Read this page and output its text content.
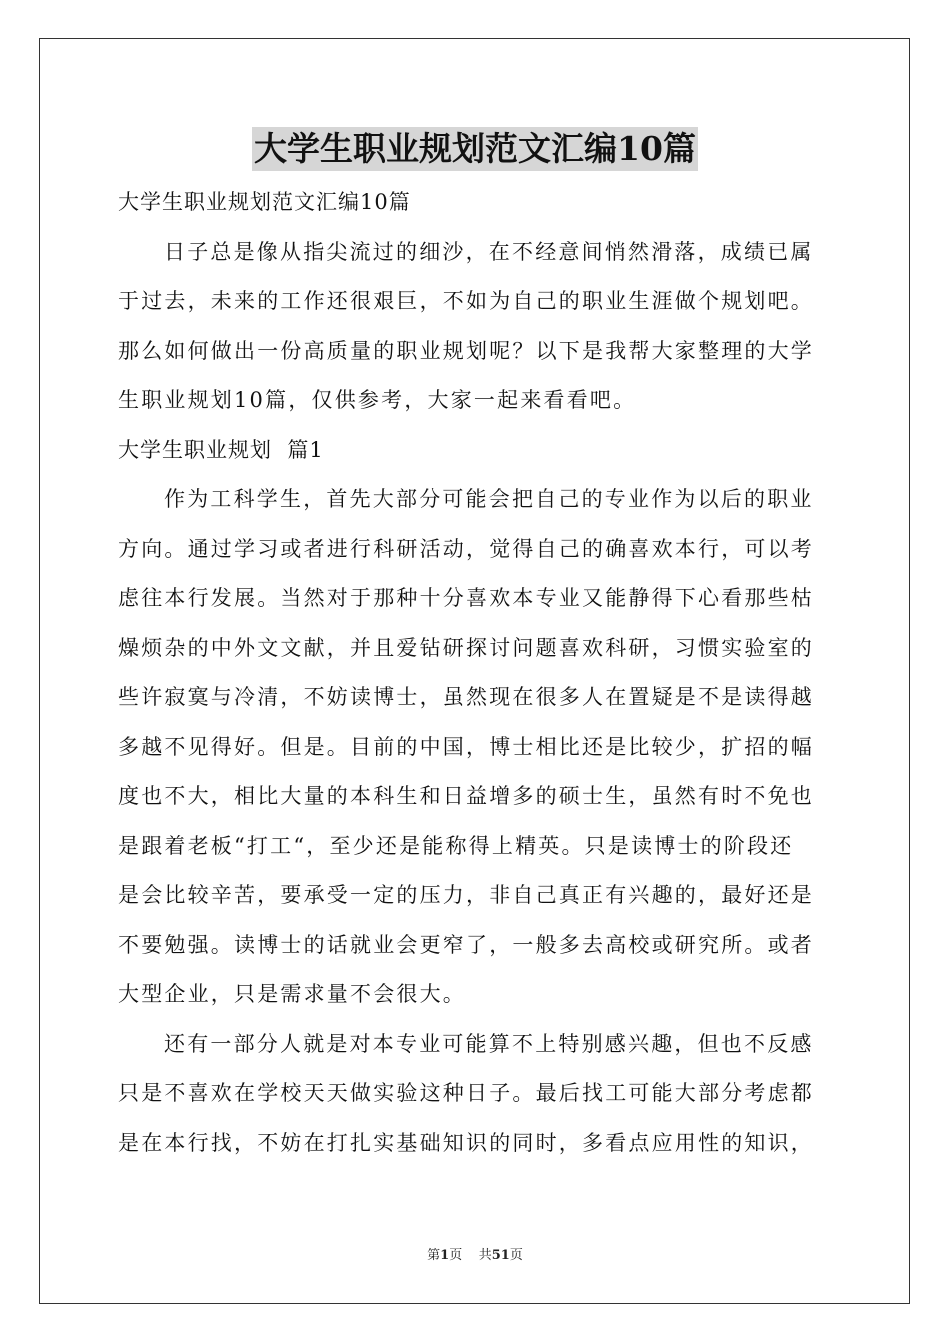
大学生职业规划范文汇编10篇
大学生职业规划范文汇编10篇
日子总是像从指尖流过的细沙，在不经意间悄然滑落，成绩已属
于过去，未来的工作还很艰巨，不如为自己的职业生涯做个规划吧。
那么如何做出一份高质量的职业规划呢？以下是我帮大家整理的大学
生职业规划10篇，仅供参考，大家一起来看看吧。
大学生职业规划  篇1
作为工科学生，首先大部分可能会把自己的专业作为以后的职业
方向。通过学习或者进行科研活动，觉得自己的确喜欢本行，可以考
虑往本行发展。当然对于那种十分喜欢本专业又能静得下心看那些枯
燥烦杂的中外文文献，并且爱钻研探讨问题喜欢科研，习惯实验室的
些许寂寞与冷清，不妨读博士，虽然现在很多人在置疑是不是读得越
多越不见得好。但是。目前的中国，博士相比还是比较少，扩招的幅
度也不大，相比大量的本科生和日益增多的硕士生，虽然有时不免也
是跟着老板“打工“，至少还是能称得上精英。只是读博士的阶段还
是会比较辛苦，要承受一定的压力，非自己真正有兴趣的，最好还是
不要勉强。读博士的话就业会更窄了，一般多去高校或研究所。或者
大型企业，只是需求量不会很大。
还有一部分人就是对本专业可能算不上特别感兴趣，但也不反感
只是不喜欢在学校天天做实验这种日子。最后找工可能大部分考虑都
是在本行找，不妨在打扎实基础知识的同时，多看点应用性的知识，
第1页 共51页
